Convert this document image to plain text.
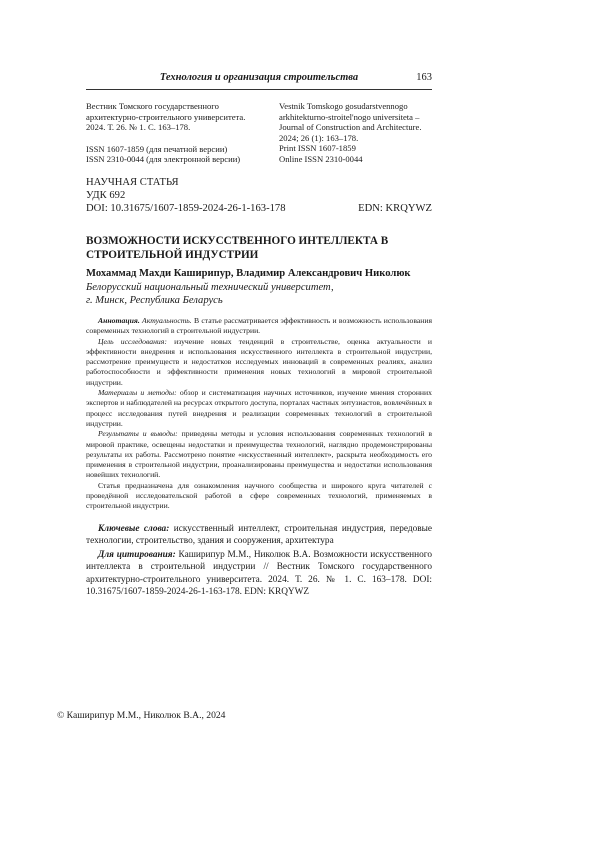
Технология и организация строительства	163
Вестник Томского государственного
архитектурно-строительного университета.
2024. Т. 26. № 1. С. 163–178.
ISSN 1607-1859 (для печатной версии)
ISSN 2310-0044 (для электронной версии)
Vestnik Tomskogo gosudarstvennogo
arkhitekturno-stroitel'nogo universiteta –
Journal of Construction and Architecture.
2024; 26 (1): 163–178.
Print ISSN 1607-1859
Online ISSN 2310-0044
НАУЧНАЯ СТАТЬЯ
УДК 692
DOI: 10.31675/1607-1859-2024-26-1-163-178	EDN: KRQYWZ
ВОЗМОЖНОСТИ ИСКУССТВЕННОГО ИНТЕЛЛЕКТА В СТРОИТЕЛЬНОЙ ИНДУСТРИИ
Мохаммад Махди Каширипур, Владимир Александрович Николюк
Белорусский национальный технический университет,
г. Минск, Республика Беларусь

Аннотация. Актуальность. В статье рассматривается эффективность и возможность использования современных технологий в строительной индустрии.

Цель исследования: изучение новых тенденций в строительстве, оценка актуальности и эффективности внедрения и использования искусственного интеллекта в строительной индустрии, рассмотрение преимуществ и недостатков исследуемых инноваций в современных реалиях, анализ работоспособности и эффективности применения новых технологий в мировой строительной индустрии.

Материалы и методы: обзор и систематизация научных источников, изучение мнения сторонних экспертов и наблюдателей на ресурсах открытого доступа, порталах частных энтузиастов, вовлечённых в процесс исследования путей внедрения и реализации современных технологий в строительной индустрии.

Результаты и выводы: приведены методы и условия использования современных технологий в мировой практике, освещены недостатки и преимущества технологий, наглядно продемонстрированы результаты их работы. Рассмотрено понятие «искусственный интеллект», раскрыта необходимость его применения в строительной индустрии, проанализированы преимущества и недостатки использования новейших технологий.

Статья предназначена для ознакомления научного сообщества и широкого круга читателей с проведённой исследовательской работой в сфере современных технологий, применяемых в строительной индустрии.

Ключевые слова: искусственный интеллект, строительная индустрия, передовые технологии, строительство, здания и сооружения, архитектура

Для цитирования: Каширипур М.М., Николюк В.А. Возможности искусственного интеллекта в строительной индустрии // Вестник Томского государственного архитектурно-строительного университета. 2024. Т. 26. № 1. С. 163–178. DOI: 10.31675/1607-1859-2024-26-1-163-178. EDN: KRQYWZ

© Каширипур М.М., Николюк В.А., 2024
